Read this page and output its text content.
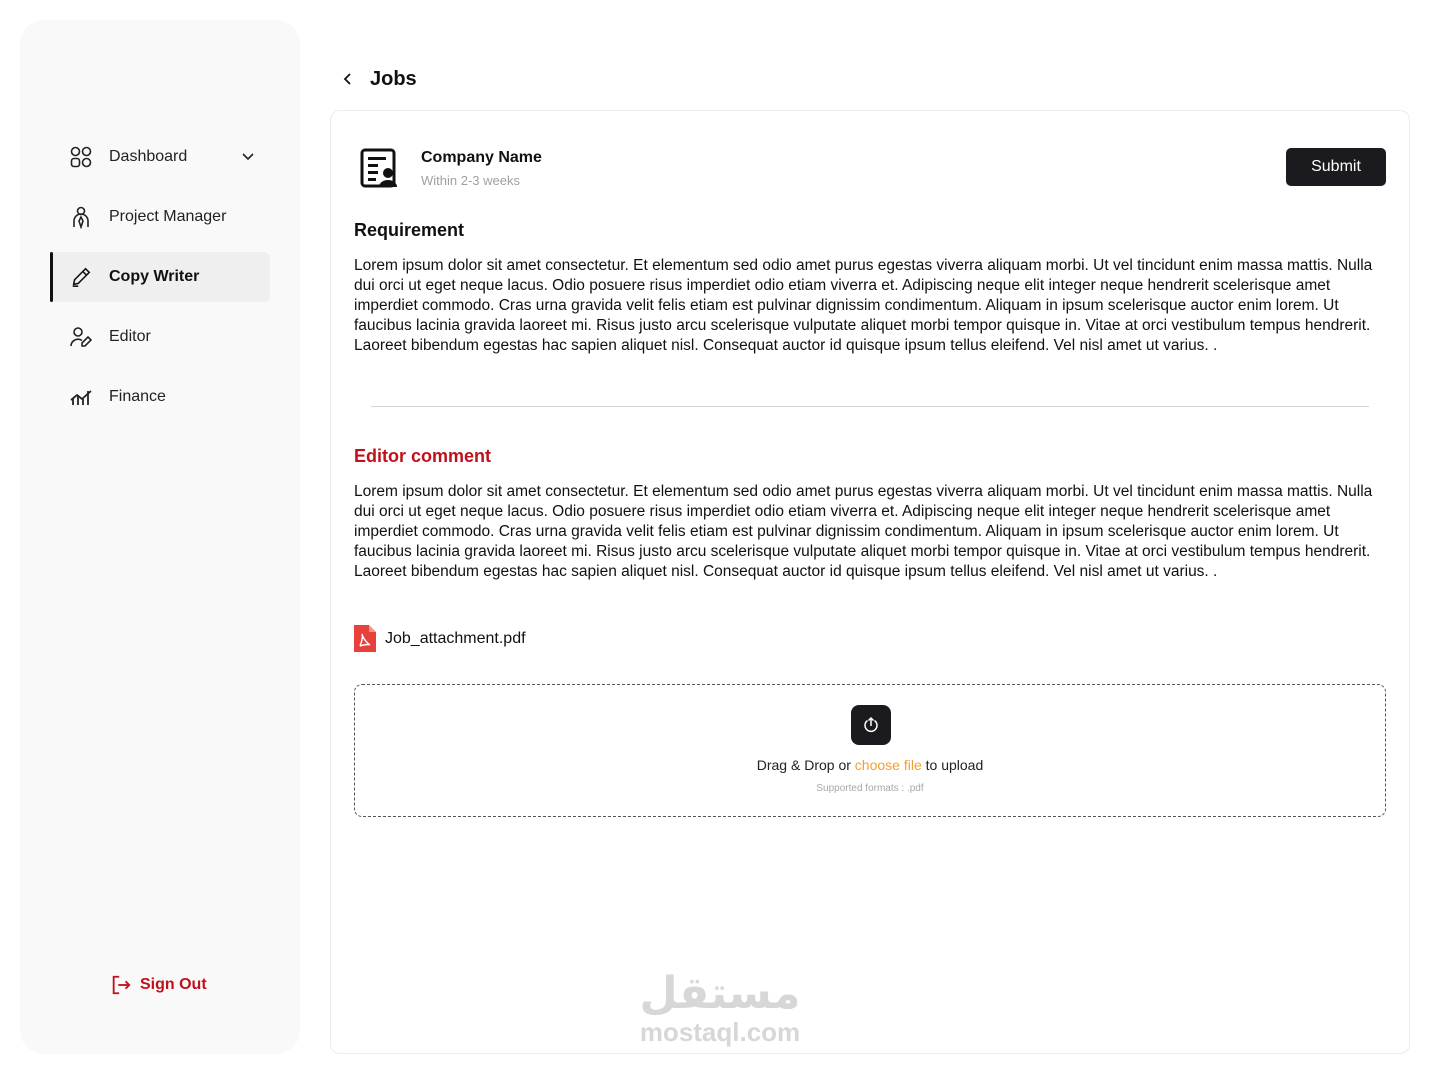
Dashboard
Project Manager
Copy Writer
Editor
Finance
Sign Out
Jobs
Company Name
Within 2-3 weeks
Submit
Requirement

Lorem ipsum dolor sit amet consectetur. Et elementum sed odio amet purus egestas viverra aliquam morbi. Ut vel tincidunt enim massa mattis. Nulla dui orci ut eget neque lacus. Odio posuere risus imperdiet odio etiam viverra et. Adipiscing neque elit integer neque hendrerit scelerisque amet imperdiet commodo. Cras urna gravida velit felis etiam est pulvinar dignissim condimentum. Aliquam in ipsum scelerisque auctor enim lorem. Ut faucibus lacinia gravida laoreet mi. Risus justo arcu scelerisque vulputate aliquet morbi tempor quisque in. Vitae at orci vestibulum tempus hendrerit. Laoreet bibendum egestas hac sapien aliquet nisl. Consequat auctor id quisque ipsum tellus eleifend. Vel nisl amet ut varius. .

Editor comment

Lorem ipsum dolor sit amet consectetur. Et elementum sed odio amet purus egestas viverra aliquam morbi. Ut vel tincidunt enim massa mattis. Nulla dui orci ut eget neque lacus. Odio posuere risus imperdiet odio etiam viverra et. Adipiscing neque elit integer neque hendrerit scelerisque amet imperdiet commodo. Cras urna gravida velit felis etiam est pulvinar dignissim condimentum. Aliquam in ipsum scelerisque auctor enim lorem. Ut faucibus lacinia gravida laoreet mi. Risus justo arcu scelerisque vulputate aliquet morbi tempor quisque in. Vitae at orci vestibulum tempus hendrerit. Laoreet bibendum egestas hac sapien aliquet nisl. Consequat auctor id quisque ipsum tellus eleifend. Vel nisl amet ut varius. .

Job_attachment.pdf
Drag & Drop or choose file to upload
Supported formats : .pdf
مستقل
mostaql.com
